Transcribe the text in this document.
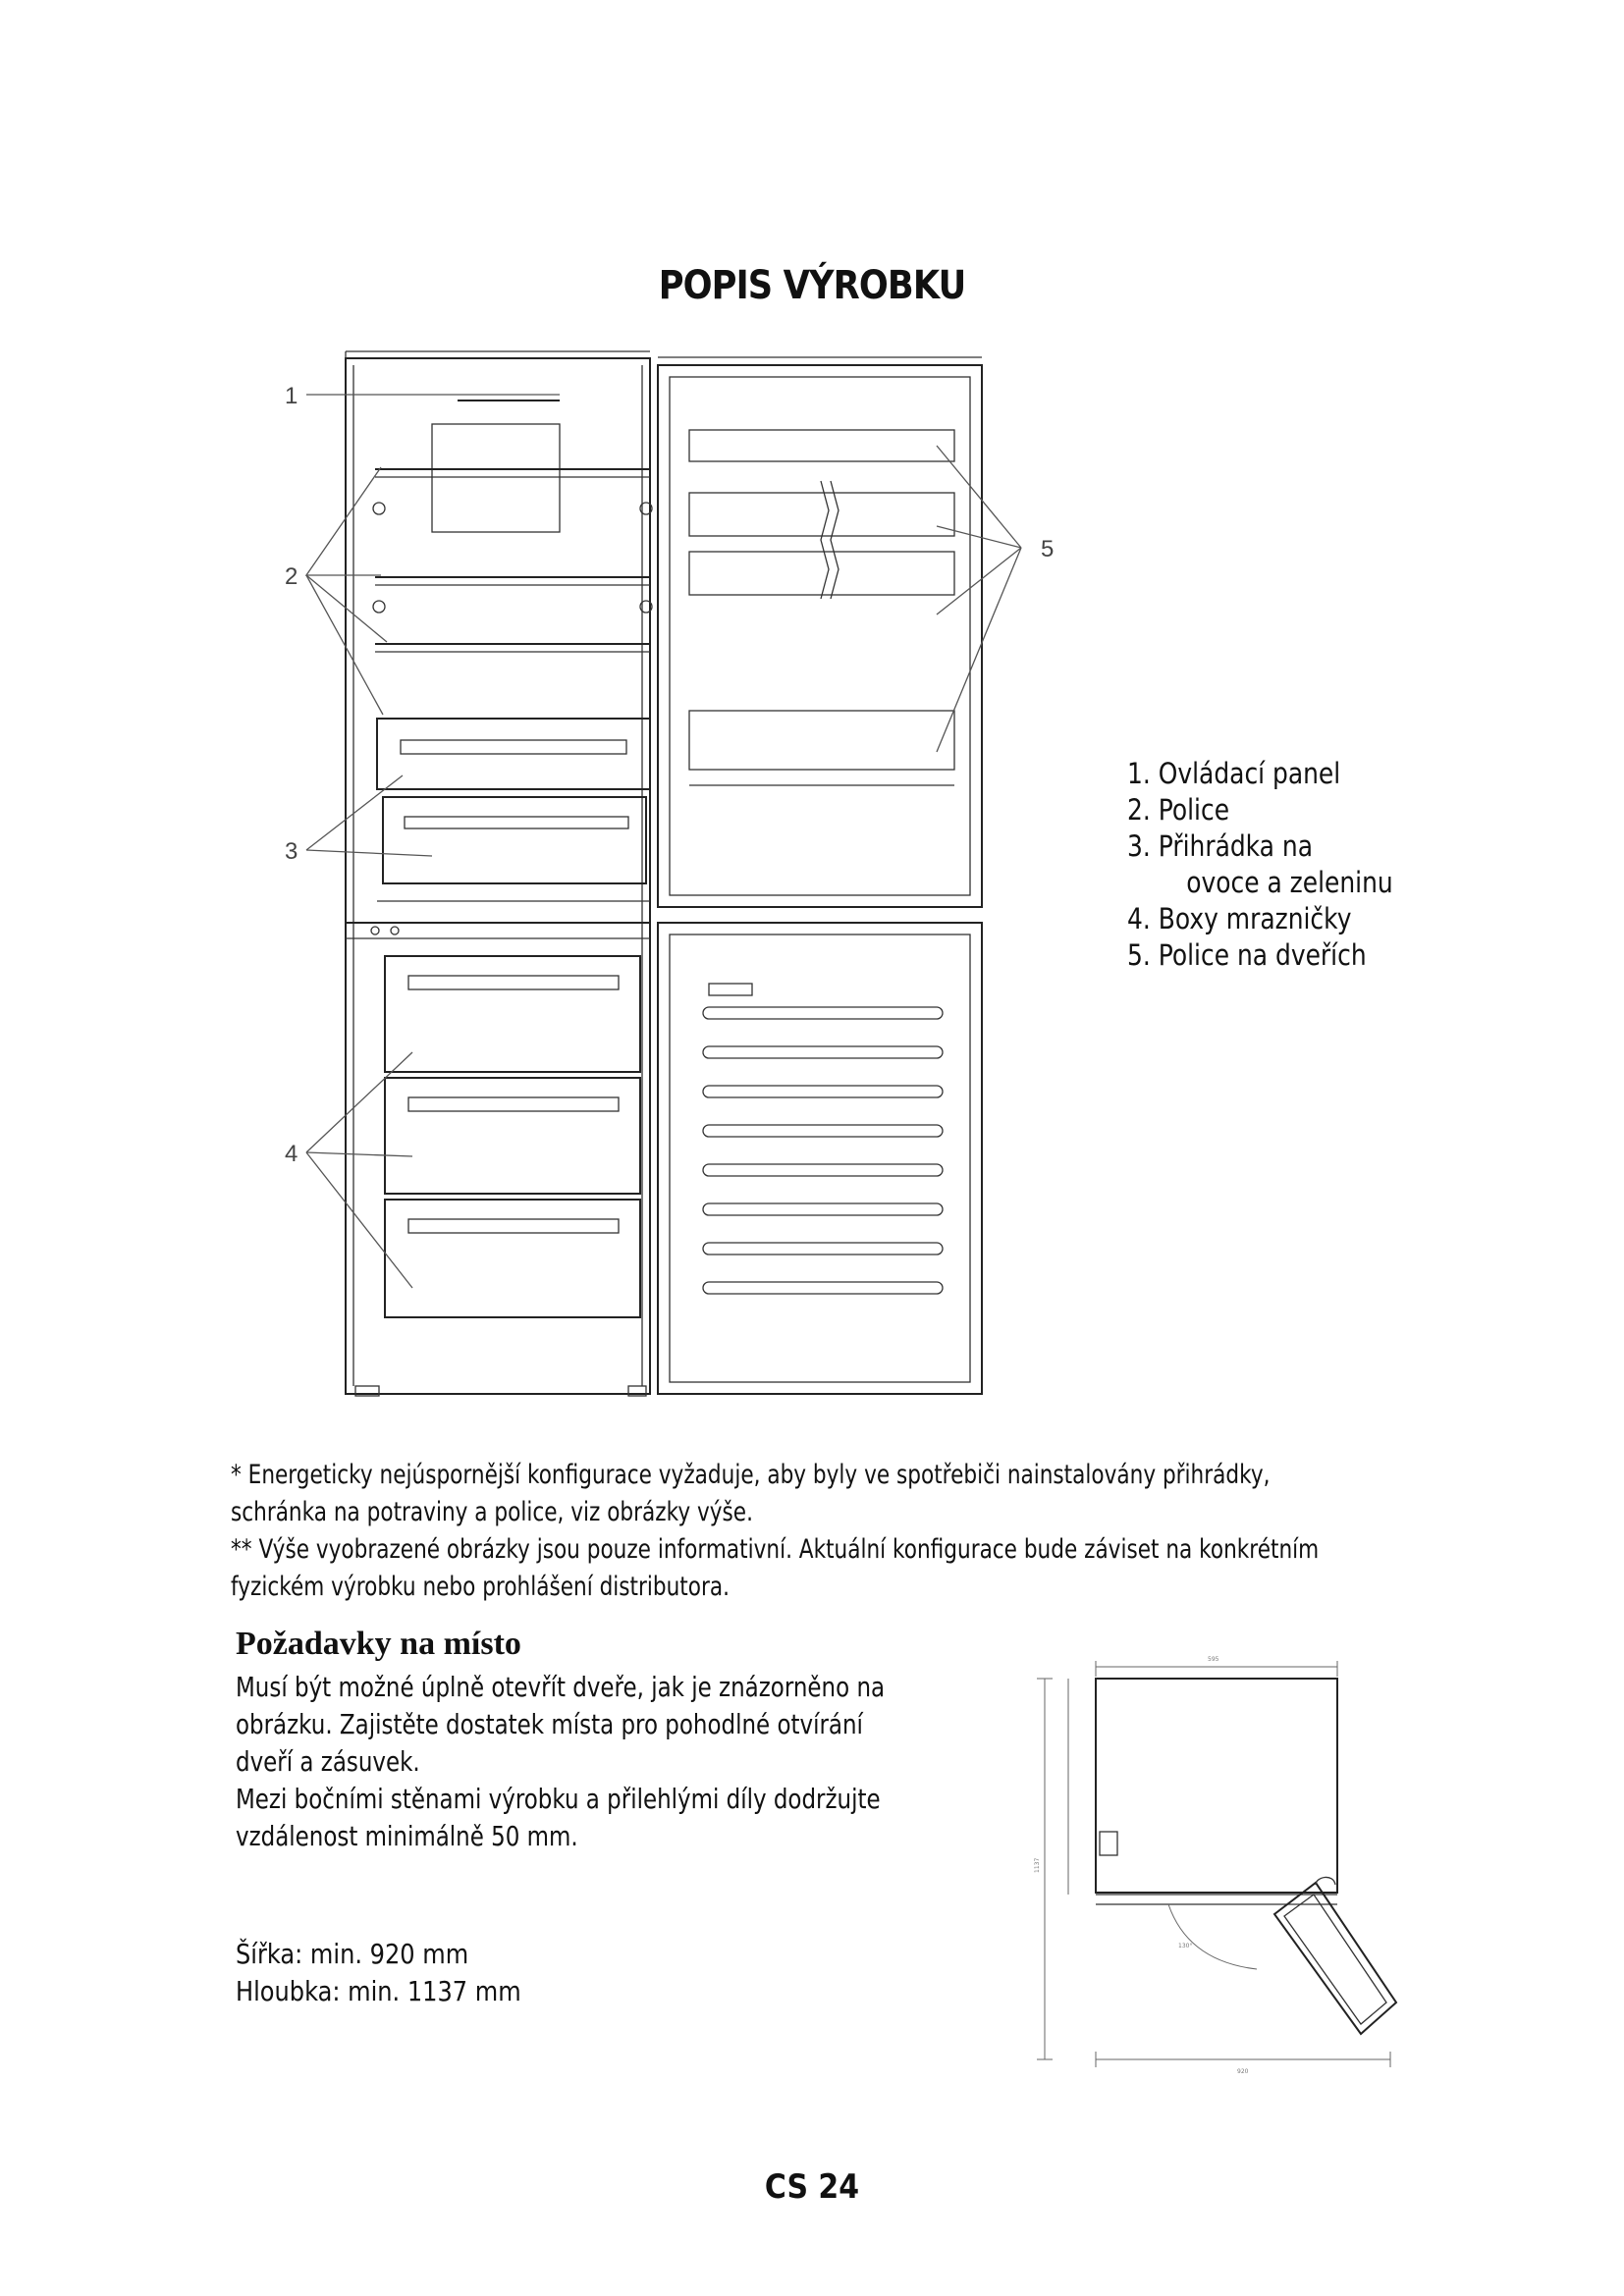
POPIS VÝROBKU
1
2
3
4
5
1. Ovládací panel
2. Police
3. Přihrádka na
ovoce a zeleninu
4. Boxy mrazničky
5. Police na dveřích
* Energeticky nejúspornější konfigurace vyžaduje, aby byly ve spotřebiči nainstalovány přihrádky,
schránka na potraviny a police, viz obrázky výše.
** Výše vyobrazené obrázky jsou pouze informativní. Aktuální konfigurace bude záviset na konkrétním
fyzickém výrobku nebo prohlášení distributora.
Požadavky na místo
Musí být možné úplně otevřít dveře, jak je znázorněno na
obrázku. Zajistěte dostatek místa pro pohodlné otvírání
dveří a zásuvek.
Mezi bočními stěnami výrobku a přilehlými díly dodržujte
vzdálenost minimálně 50 mm.
Šířka: min. 920 mm
Hloubka: min. 1137 mm
1137
920
130°
595
CS 24
